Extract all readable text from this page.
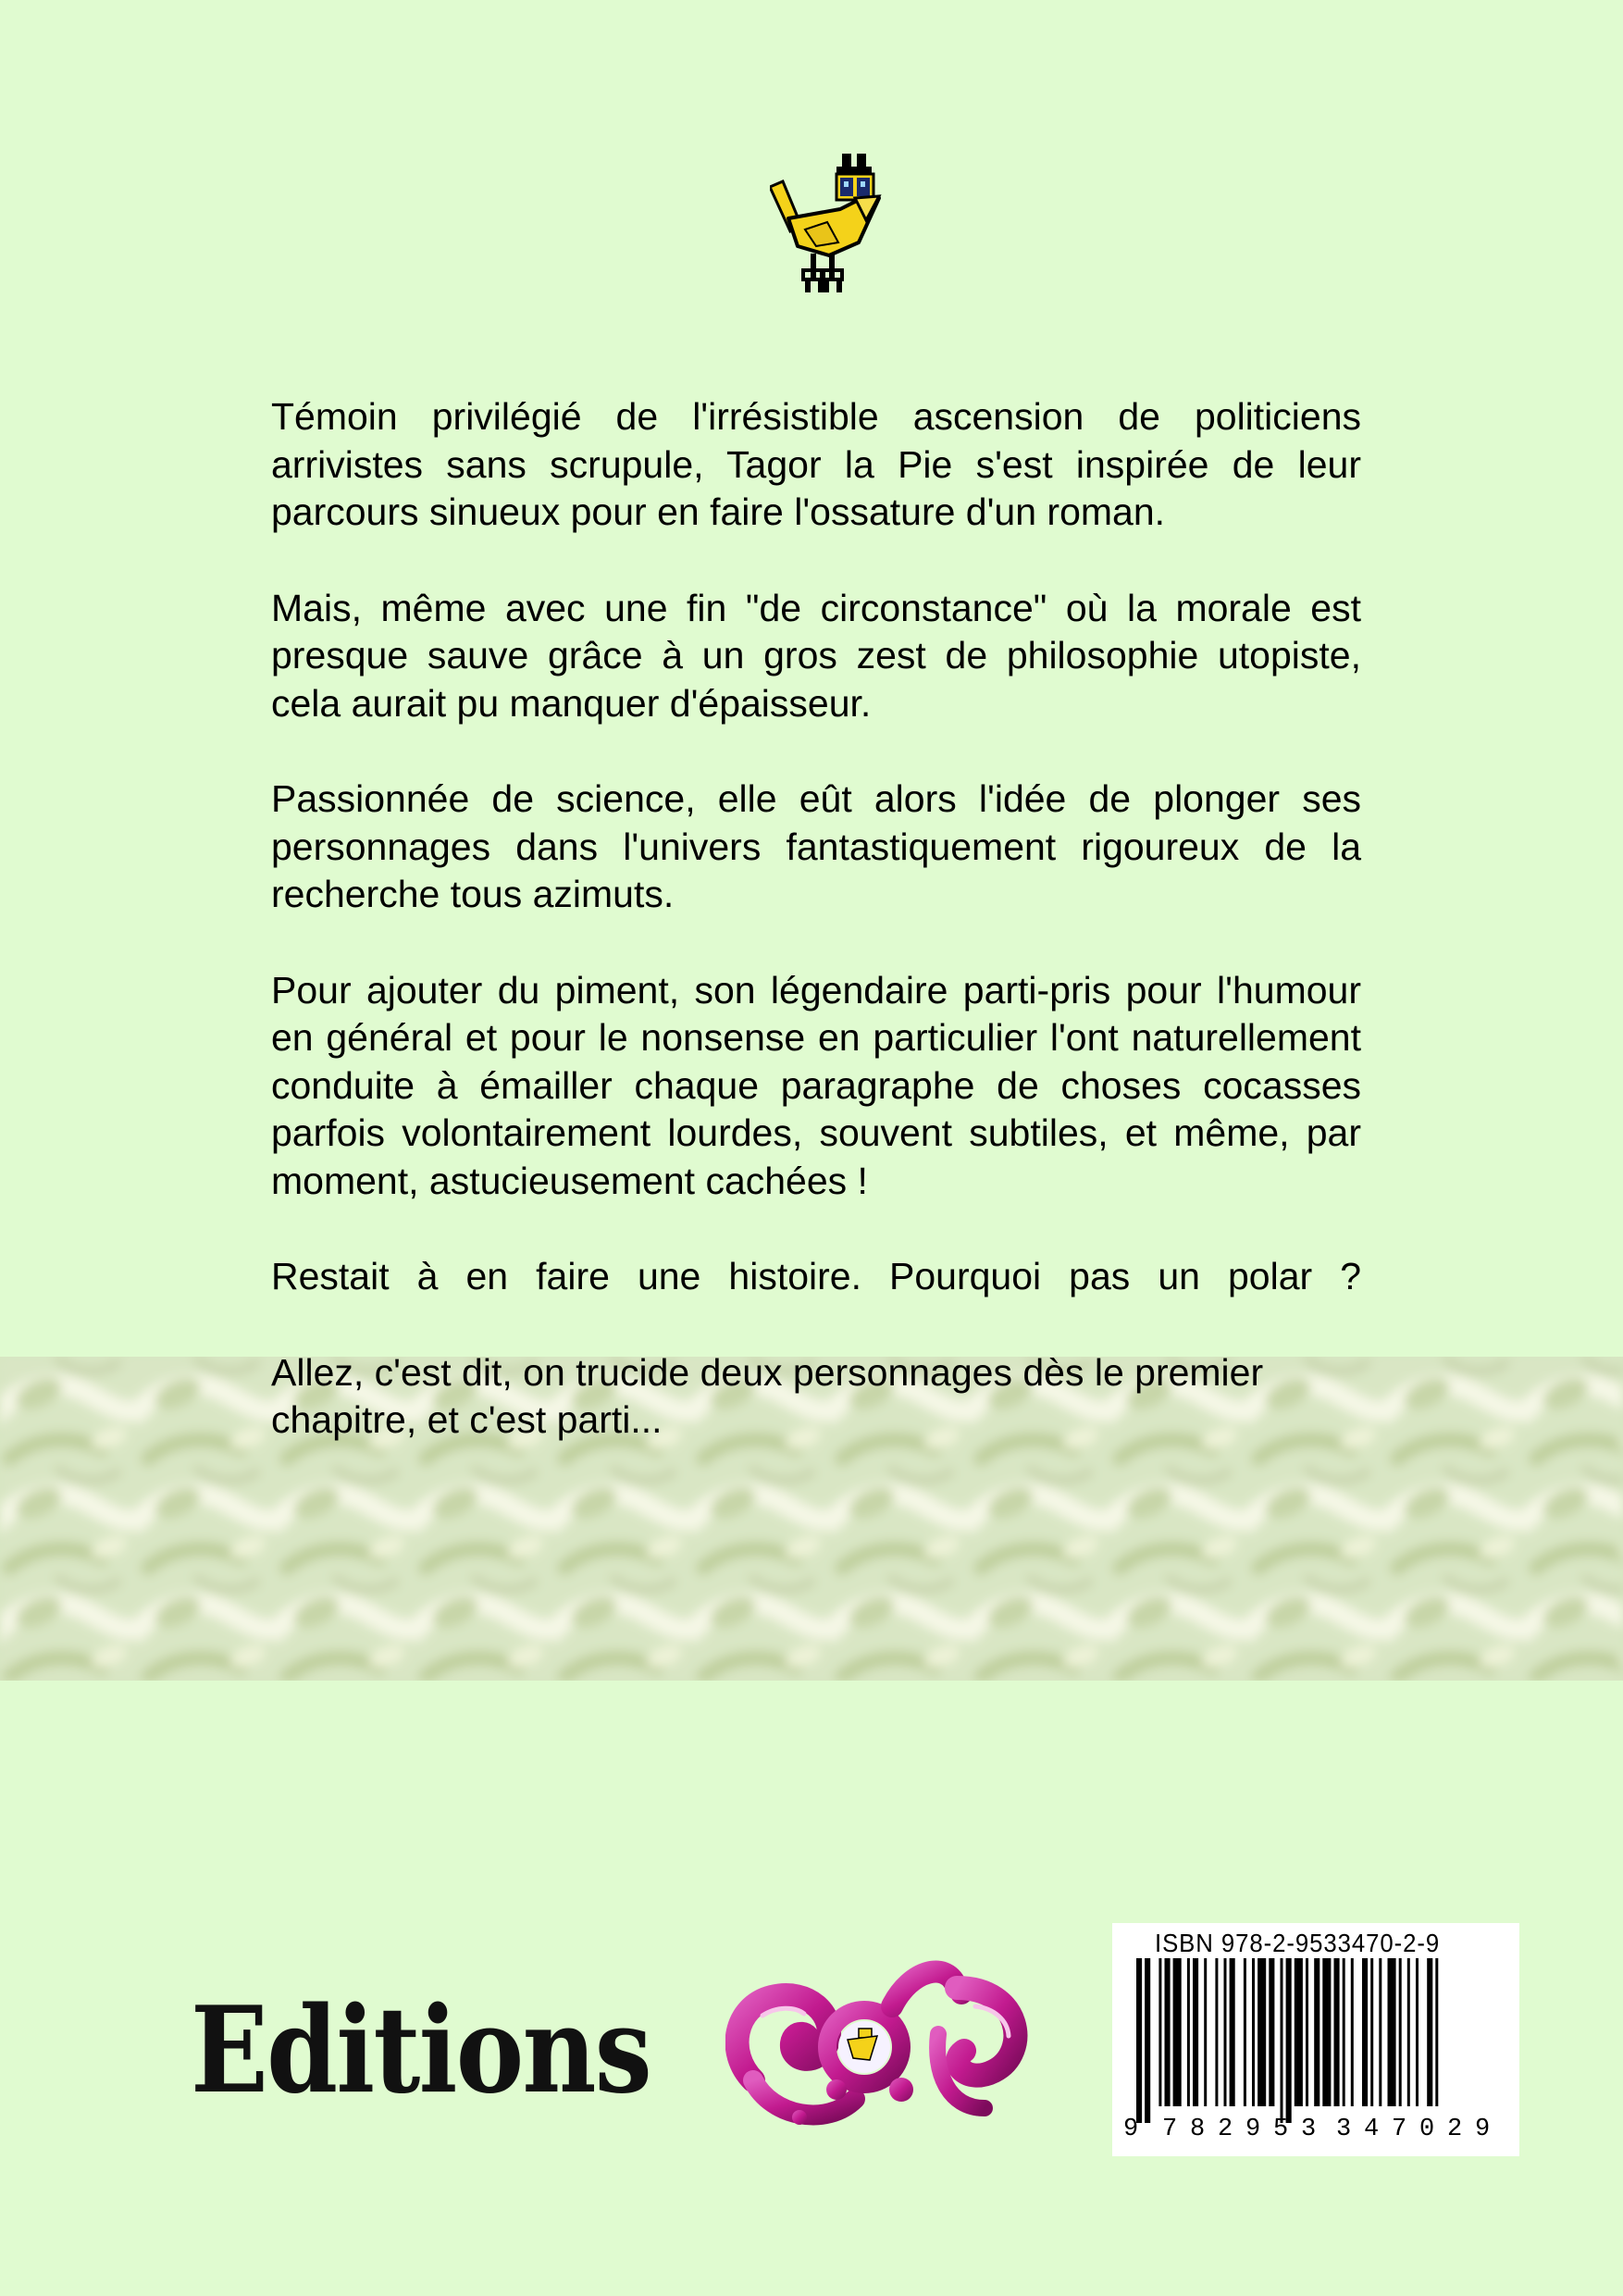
Témoin privilégié de l'irrésistible ascension de politiciens arrivistes sans scrupule, Tagor la Pie s'est inspirée de leur parcours sinueux pour en faire l'ossature d'un roman.

Mais, même avec une fin "de circonstance" où la morale est presque sauve grâce à un gros zest de philosophie utopiste, cela aurait pu manquer d'épaisseur.

Passionnée de science, elle eût alors l'idée de plonger ses personnages dans l'univers fantastiquement rigoureux de la recherche tous azimuts.

Pour ajouter du piment, son légendaire parti-pris pour l'humour en général et pour le nonsense en particulier l'ont naturellement conduite à émailler chaque paragraphe de choses cocasses parfois volontairement lourdes, souvent subtiles, et même, par moment, astucieusement cachées !

Restait à en faire une histoire. Pourquoi pas un polar ?

Allez, c'est dit, on trucide deux personnages dès le premier chapitre, et c'est parti...

Editions
ISBN 978-2-9533470-2-9
9 7 8 2 9 5 3 3 4 7 0 2 9
